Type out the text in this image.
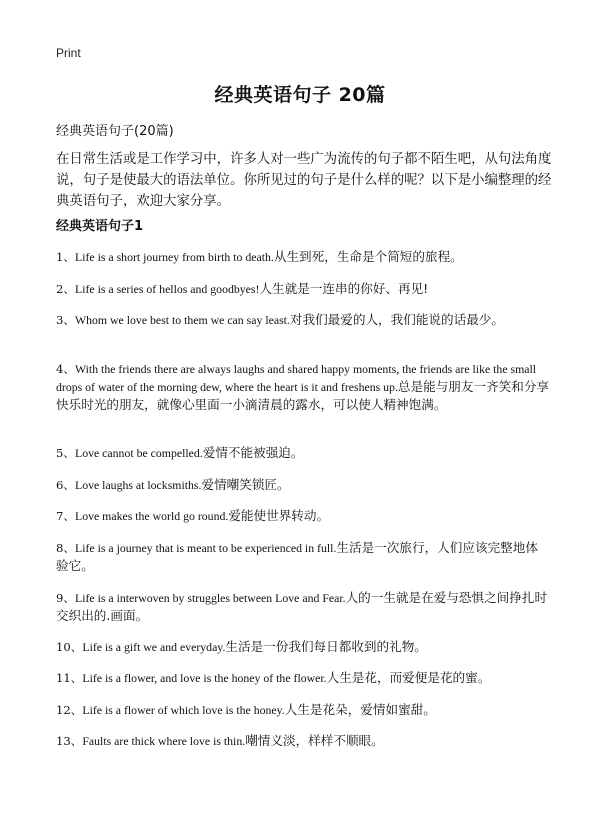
Print
经典英语句子 20篇
经典英语句子(20篇)
在日常生活或是工作学习中，许多人对一些广为流传的句子都不陌生吧，从句法角度说，句子是使最大的语法单位。你所见过的句子是什么样的呢？以下是小编整理的经典英语句子，欢迎大家分享。
经典英语句子1
1、Life is a short journey from birth to death.从生到死，生命是个简短的旅程。
2、Life is a series of hellos and goodbyes!人生就是一连串的你好、再见!
3、Whom we love best to them we can say least.对我们最爱的人，我们能说的话最少。
4、With the friends there are always laughs and shared happy moments, the friends are like the small drops of water of the morning dew, where the heart is it and freshens up.总是能与朋友一齐笑和分享快乐时光的朋友，就像心里面一小滴清晨的露水，可以使人精神饱满。
5、Love cannot be compelled.爱情不能被强迫。
6、Love laughs at locksmiths.爱情嘲笑锁匠。
7、Love makes the world go round.爱能使世界转动。
8、Life is a journey that is meant to be experienced in full.生活是一次旅行，人们应该完整地体验它。
9、Life is a interwoven by struggles between Love and Fear.人的一生就是在爱与恐惧之间挣扎时交织出的.画面。
10、Life is a gift we and everyday.生活是一份我们每日都收到的礼物。
11、Life is a flower, and love is the honey of the flower.人生是花，而爱便是花的蜜。
12、Life is a flower of which love is the honey.人生是花朵，爱情如蜜甜。
13、Faults are thick where love is thin.嘲情义淡，样样不顺眼。
